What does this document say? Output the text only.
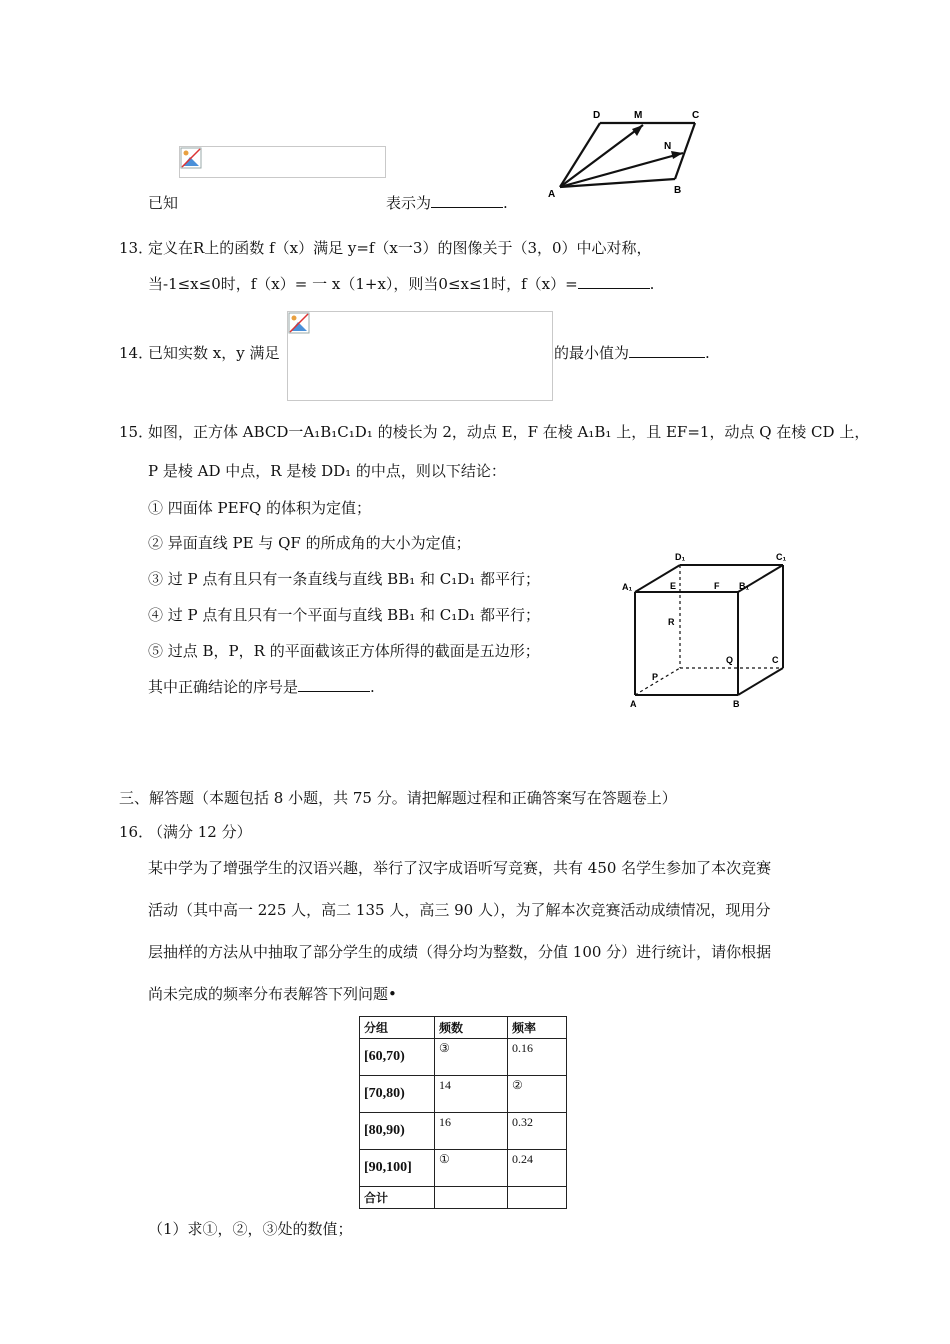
已知	表示为	.
D	M	C
N
A	B
13．
定义在R上的函数 f（x）满足 y=f（x一3）的图像关于（3，0）中心对称，
当-1≤x≤0时，f（x）= 一 x（1+x），则当0≤x≤1时，f（x）=	.
14．
已知实数 x，y 满足	的最小值为	.
15．
如图，正方体 ABCD一A₁B₁C₁D₁ 的棱长为 2，动点 E，F 在棱 A₁B₁ 上，且 EF=1，动点 Q 在棱 CD 上，
P 是棱 AD 中点，R 是棱 DD₁ 的中点，则以下结论：
① 四面体 PEFQ 的体积为定值；
② 异面直线 PE 与 QF 的所成角的大小为定值；
③ 过 P 点有且只有一条直线与直线 BB₁ 和 C₁D₁ 都平行；
④ 过 P 点有且只有一个平面与直线 BB₁ 和 C₁D₁ 都平行；
⑤ 过点 B，P，R 的平面截该正方体所得的截面是五边形；
其中正确结论的序号是	.
D₁	C₁
A₁	E	F B₁
R
Q	C
P
A	B
三、解答题（本题包括 8 小题，共 75 分。请把解题过程和正确答案写在答题卷上）
16．
（满分 12 分）
某中学为了增强学生的汉语兴趣，举行了汉字成语听写竞赛，共有 450 名学生参加了本次竞赛
活动（其中高一 225 人，高二 135 人，高三 90 人），为了解本次竞赛活动成绩情况，现用分
层抽样的方法从中抽取了部分学生的成绩（得分均为整数，分值 100 分）进行统计，请你根据
尚未完成的频率分布表解答下列问题•
分组	频数	频率
[60,70)	③	0.16
[70,80)	14	②
[80,90)	16	0.32
[90,100]	①	0.24
合计		
（1）求①，②，③处的数值；
